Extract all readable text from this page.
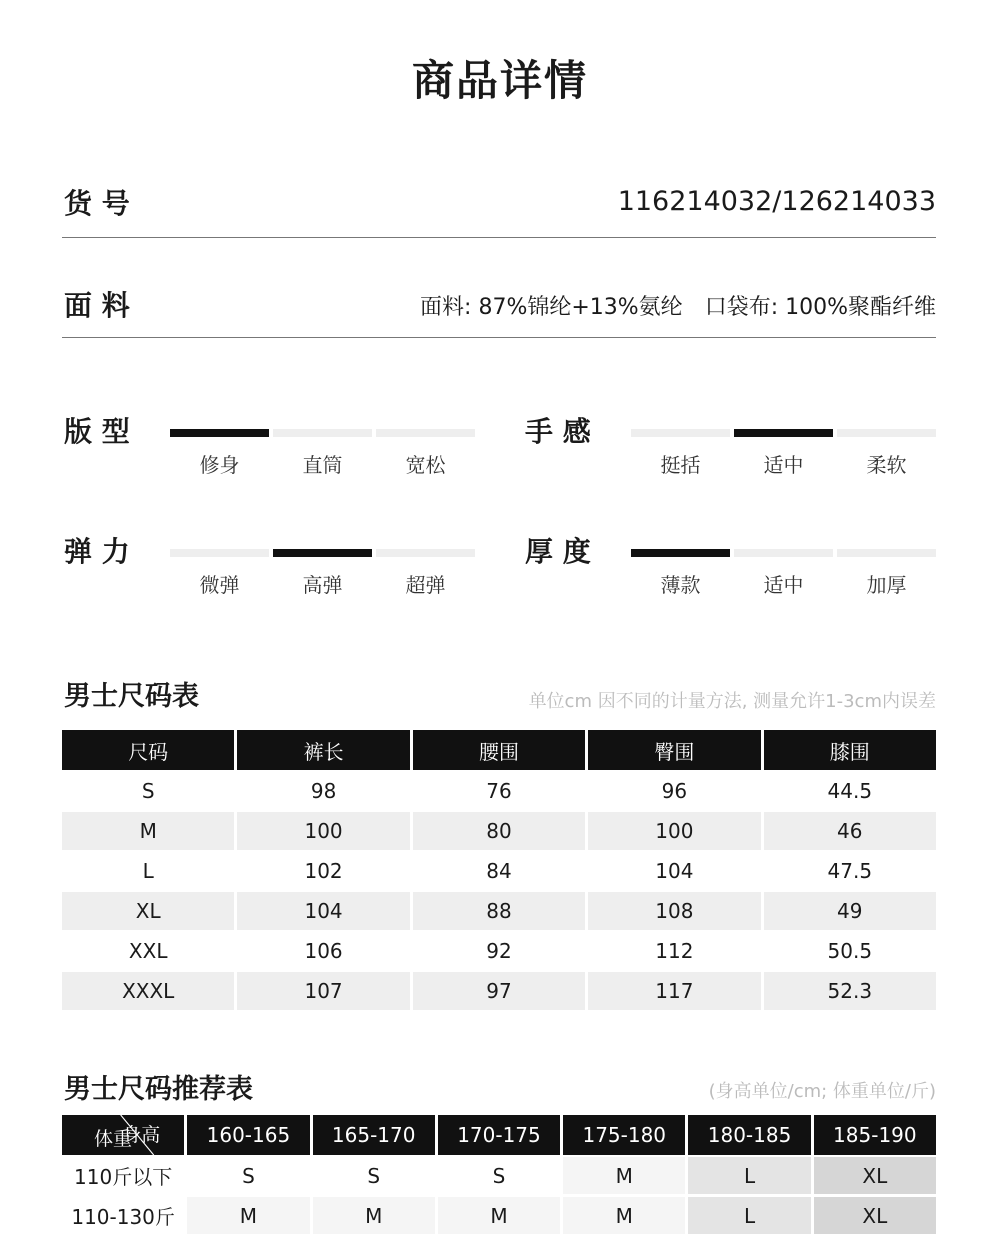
商品详情
货 号	116214032/126214033
面 料	面料: 87%锦纶+13%氨纶 口袋布: 100%聚酯纤维
版 型
修身	直筒	宽松
手 感
挺括	适中	柔软
弹 力
微弹	高弹	超弹
厚 度
薄款	适中	加厚
男士尺码表	单位cm 因不同的计量方法, 测量允许1-3cm内误差
尺码	裤长	腰围	臀围	膝围
S	98	76	96	44.5
M	100	80	100	46
L	102	84	104	47.5
XL	104	88	108	49
XXL	106	92	112	50.5
XXXL	107	97	117	52.3
男士尺码推荐表	(身高单位/cm; 体重单位/斤)
身高
体重	160-165	165-170	170-175	175-180	180-185	185-190
110斤以下	S	S	S	M	L	XL
110-130斤	M	M	M	M	L	XL
